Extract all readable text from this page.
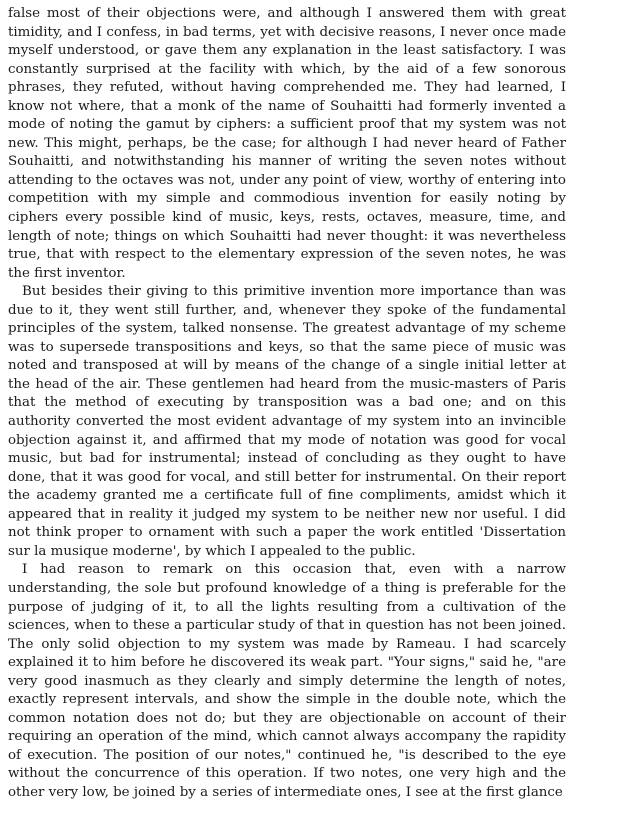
false most of their objections were, and although I answered them with great timidity, and I confess, in bad terms, yet with decisive reasons, I never once made myself understood, or gave them any explanation in the least satisfactory. I was constantly surprised at the facility with which, by the aid of a few sonorous phrases, they refuted, without having comprehended me. They had learned, I know not where, that a monk of the name of Souhaitti had formerly invented a mode of noting the gamut by ciphers: a sufficient proof that my system was not new. This might, perhaps, be the case; for although I had never heard of Father Souhaitti, and notwithstanding his manner of writing the seven notes without attending to the octaves was not, under any point of view, worthy of entering into competition with my simple and commodious invention for easily noting by ciphers every possible kind of music, keys, rests, octaves, measure, time, and length of note; things on which Souhaitti had never thought: it was nevertheless true, that with respect to the elementary expression of the seven notes, he was the first inventor.

But besides their giving to this primitive invention more importance than was due to it, they went still further, and, whenever they spoke of the fundamental principles of the system, talked nonsense. The greatest advantage of my scheme was to supersede transpositions and keys, so that the same piece of music was noted and transposed at will by means of the change of a single initial letter at the head of the air. These gentlemen had heard from the music-masters of Paris that the method of executing by transposition was a bad one; and on this authority converted the most evident advantage of my system into an invincible objection against it, and affirmed that my mode of notation was good for vocal music, but bad for instrumental; instead of concluding as they ought to have done, that it was good for vocal, and still better for instrumental. On their report the academy granted me a certificate full of fine compliments, amidst which it appeared that in reality it judged my system to be neither new nor useful. I did not think proper to ornament with such a paper the work entitled 'Dissertation sur la musique moderne', by which I appealed to the public.

I had reason to remark on this occasion that, even with a narrow understanding, the sole but profound knowledge of a thing is preferable for the purpose of judging of it, to all the lights resulting from a cultivation of the sciences, when to these a particular study of that in question has not been joined. The only solid objection to my system was made by Rameau. I had scarcely explained it to him before he discovered its weak part. "Your signs," said he, "are very good inasmuch as they clearly and simply determine the length of notes, exactly represent intervals, and show the simple in the double note, which the common notation does not do; but they are objectionable on account of their requiring an operation of the mind, which cannot always accompany the rapidity of execution. The position of our notes," continued he, "is described to the eye without the concurrence of this operation. If two notes, one very high and the other very low, be joined by a series of intermediate ones, I see at the first glance
